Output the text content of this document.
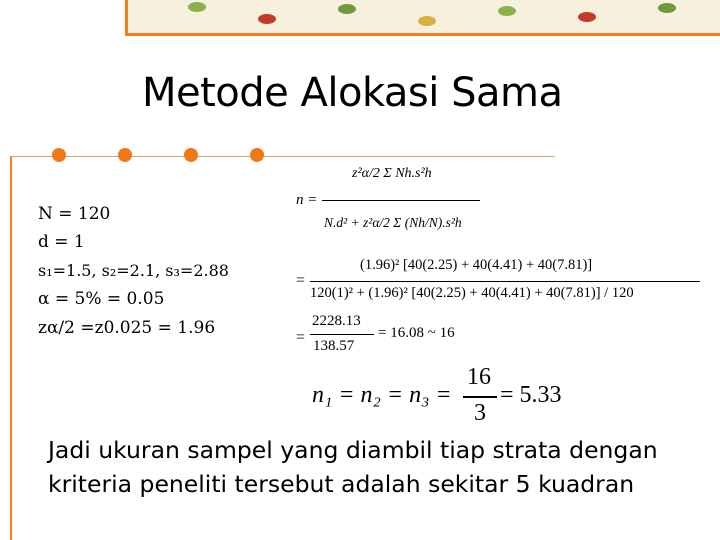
Metode Alokasi Sama
N = 120
d = 1
s₁=1.5, s₂=2.1, s₃=2.88
α = 5% = 0.05
zα/2 =z0.025 = 1.96
n =
z²α/2 Σ Nh.s²h
N.d² + z²α/2 Σ (Nh/N).s²h
=
(1.96)² [40(2.25) + 40(4.41) + 40(7.81)]
120(1)² + (1.96)² [40(2.25) + 40(4.41) + 40(7.81)] / 120
=
2228.13
138.57
= 16.08 ~ 16
n₁ = n₂ = n₃ =
16
3
= 5.33
Jadi ukuran sampel yang diambil tiap strata dengan kriteria peneliti tersebut adalah sekitar 5 kuadran
